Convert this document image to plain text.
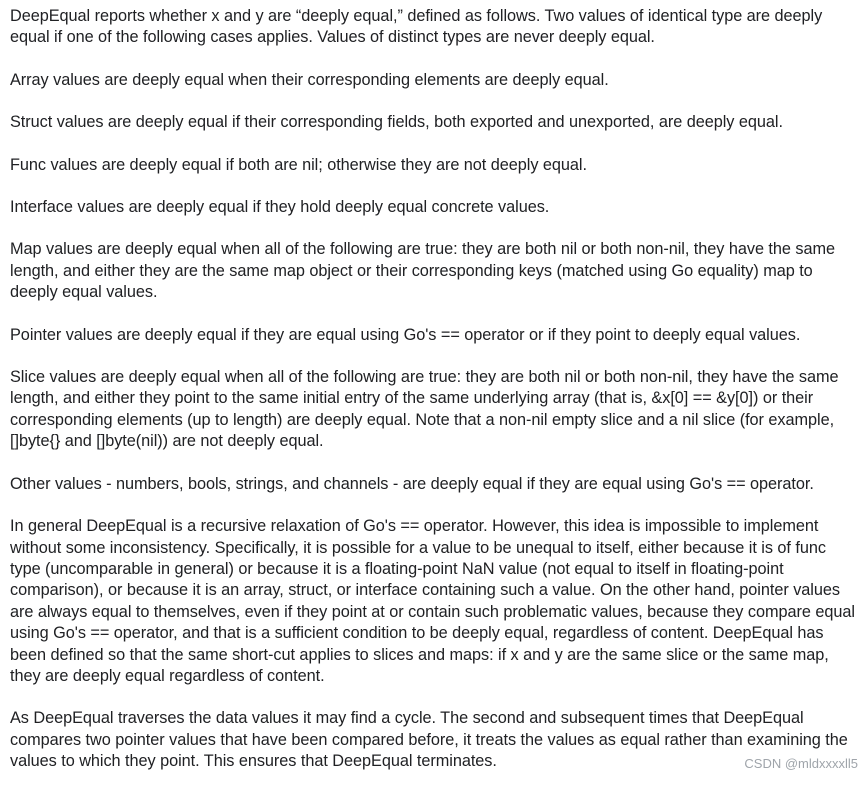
DeepEqual reports whether x and y are “deeply equal,” defined as follows. Two values of identical type are deeply equal if one of the following cases applies. Values of distinct types are never deeply equal.

Array values are deeply equal when their corresponding elements are deeply equal.

Struct values are deeply equal if their corresponding fields, both exported and unexported, are deeply equal.

Func values are deeply equal if both are nil; otherwise they are not deeply equal.

Interface values are deeply equal if they hold deeply equal concrete values.

Map values are deeply equal when all of the following are true: they are both nil or both non-nil, they have the same length, and either they are the same map object or their corresponding keys (matched using Go equality) map to deeply equal values.

Pointer values are deeply equal if they are equal using Go's == operator or if they point to deeply equal values.

Slice values are deeply equal when all of the following are true: they are both nil or both non-nil, they have the same length, and either they point to the same initial entry of the same underlying array (that is, &x[0] == &y[0]) or their corresponding elements (up to length) are deeply equal. Note that a non-nil empty slice and a nil slice (for example, []byte{} and []byte(nil)) are not deeply equal.

Other values - numbers, bools, strings, and channels - are deeply equal if they are equal using Go's == operator.

In general DeepEqual is a recursive relaxation of Go's == operator. However, this idea is impossible to implement without some inconsistency. Specifically, it is possible for a value to be unequal to itself, either because it is of func type (uncomparable in general) or because it is a floating-point NaN value (not equal to itself in floating-point comparison), or because it is an array, struct, or interface containing such a value. On the other hand, pointer values are always equal to themselves, even if they point at or contain such problematic values, because they compare equal using Go's == operator, and that is a sufficient condition to be deeply equal, regardless of content. DeepEqual has been defined so that the same short-cut applies to slices and maps: if x and y are the same slice or the same map, they are deeply equal regardless of content.

As DeepEqual traverses the data values it may find a cycle. The second and subsequent times that DeepEqual compares two pointer values that have been compared before, it treats the values as equal rather than examining the values to which they point. This ensures that DeepEqual terminates.	CSDN @mldxxxxll5
